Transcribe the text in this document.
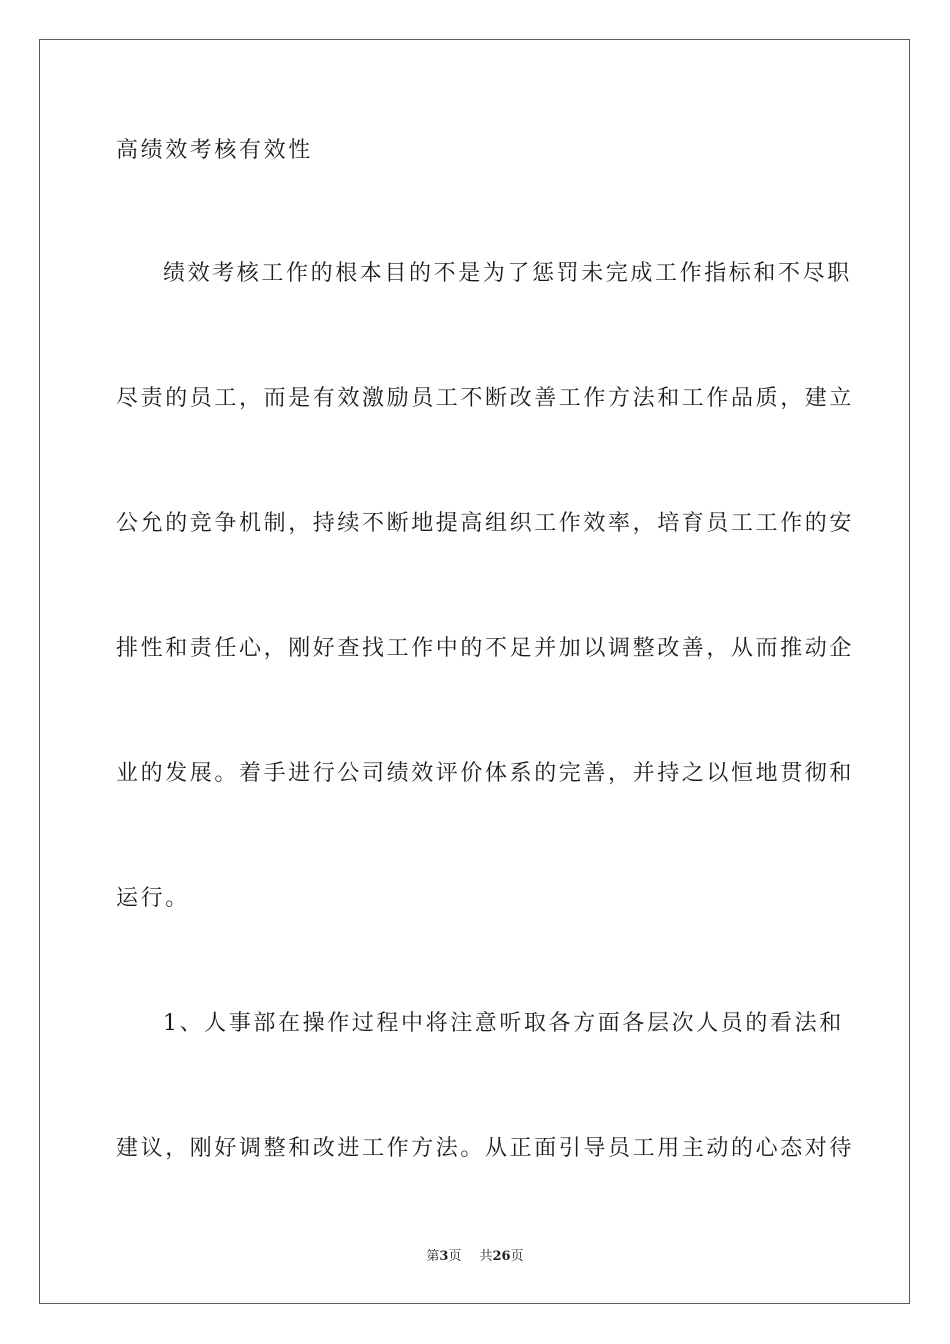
高绩效考核有效性
绩效考核工作的根本目的不是为了惩罚未完成工作指标和不尽职
尽责的员工，而是有效激励员工不断改善工作方法和工作品质，建立
公允的竞争机制，持续不断地提高组织工作效率，培育员工工作的安
排性和责任心，刚好查找工作中的不足并加以调整改善，从而推动企
业的发展。着手进行公司绩效评价体系的完善，并持之以恒地贯彻和
运行。
1、人事部在操作过程中将注意听取各方面各层次人员的看法和
建议，刚好调整和改进工作方法。从正面引导员工用主动的心态对待
第3页 共26页
